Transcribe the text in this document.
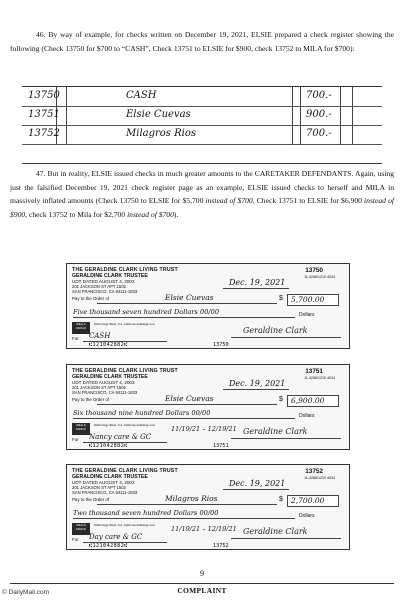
46. By way of example, for checks written on December 19, 2021, ELSIE prepared a check register showing the following (Check 13750 for $700 to “CASH”, Check 13751 to ELSIE for $900, check 13752 to MILA for $700):
13750	CASH	700.-
13751	Elsie Cuevas	900.-
13752	Milagros Rios	700.-
47. But in reality, ELSIE issued checks in much greater amounts to the CARETAKER DEFENDANTS. Again, using just the falsified December 19, 2021 check register page as an example, ELSIE issued checks to herself and MILA in massively inflated amounts (Check 13750 to ELSIE for $5,700 instead of $700, Check 13751 to ELSIE for $6,900 instead of $900, check 13752 to Mila for $2,700 instead of $700).
THE GERALDINE CLARK LIVING TRUST
GERALDINE CLARK TRUSTEE
UDT DATED AUGUST 4, 2003
201 JACKSON ST APT 1502
SAN FRANCISCO, CA 94111-1833
13750
11-4288/1210 4034
Dec. 19, 2021
Pay to the Order of	Elsie Cuevas	$ 5,700.00
Five thousand seven hundred Dollars 00/00	Dollars
WELLS FARGO
Wells Fargo Bank, N.A. California wellsfargo.com
For CASH
Geraldine Clark
⑆121042882⑆	13750
THE GERALDINE CLARK LIVING TRUST
GERALDINE CLARK TRUSTEE
UDT DATED AUGUST 4, 2003
201 JACKSON ST APT 1502
SAN FRANCISCO, CA 94111-1833
13751
11-4288/1210 4034
Dec. 19, 2021
Pay to the Order of	Elsie Cuevas	$ 6,900.00
Six thousand nine hundred Dollars 00/00	Dollars
WELLS FARGO
Wells Fargo Bank, N.A. California wellsfargo.com 11/19/21 – 12/19/21
For Nancy care & GC
Geraldine Clark
⑆121042882⑆	13751
THE GERALDINE CLARK LIVING TRUST
GERALDINE CLARK TRUSTEE
UDT DATED AUGUST 4, 2003
201 JACKSON ST APT 1502
SAN FRANCISCO, CA 94111-1833
13752
11-4288/1210 4034
Dec. 19, 2021
Pay to the Order of	Milagros Rios	$ 2,700.00
Two thousand seven hundred Dollars 00/00	Dollars
WELLS FARGO
Wells Fargo Bank, N.A. California wellsfargo.com 11/19/21 – 12/19/21
For Day care & GC
Geraldine Clark
⑆121042882⑆	13752
9
COMPLAINT
© DailyMail.com
